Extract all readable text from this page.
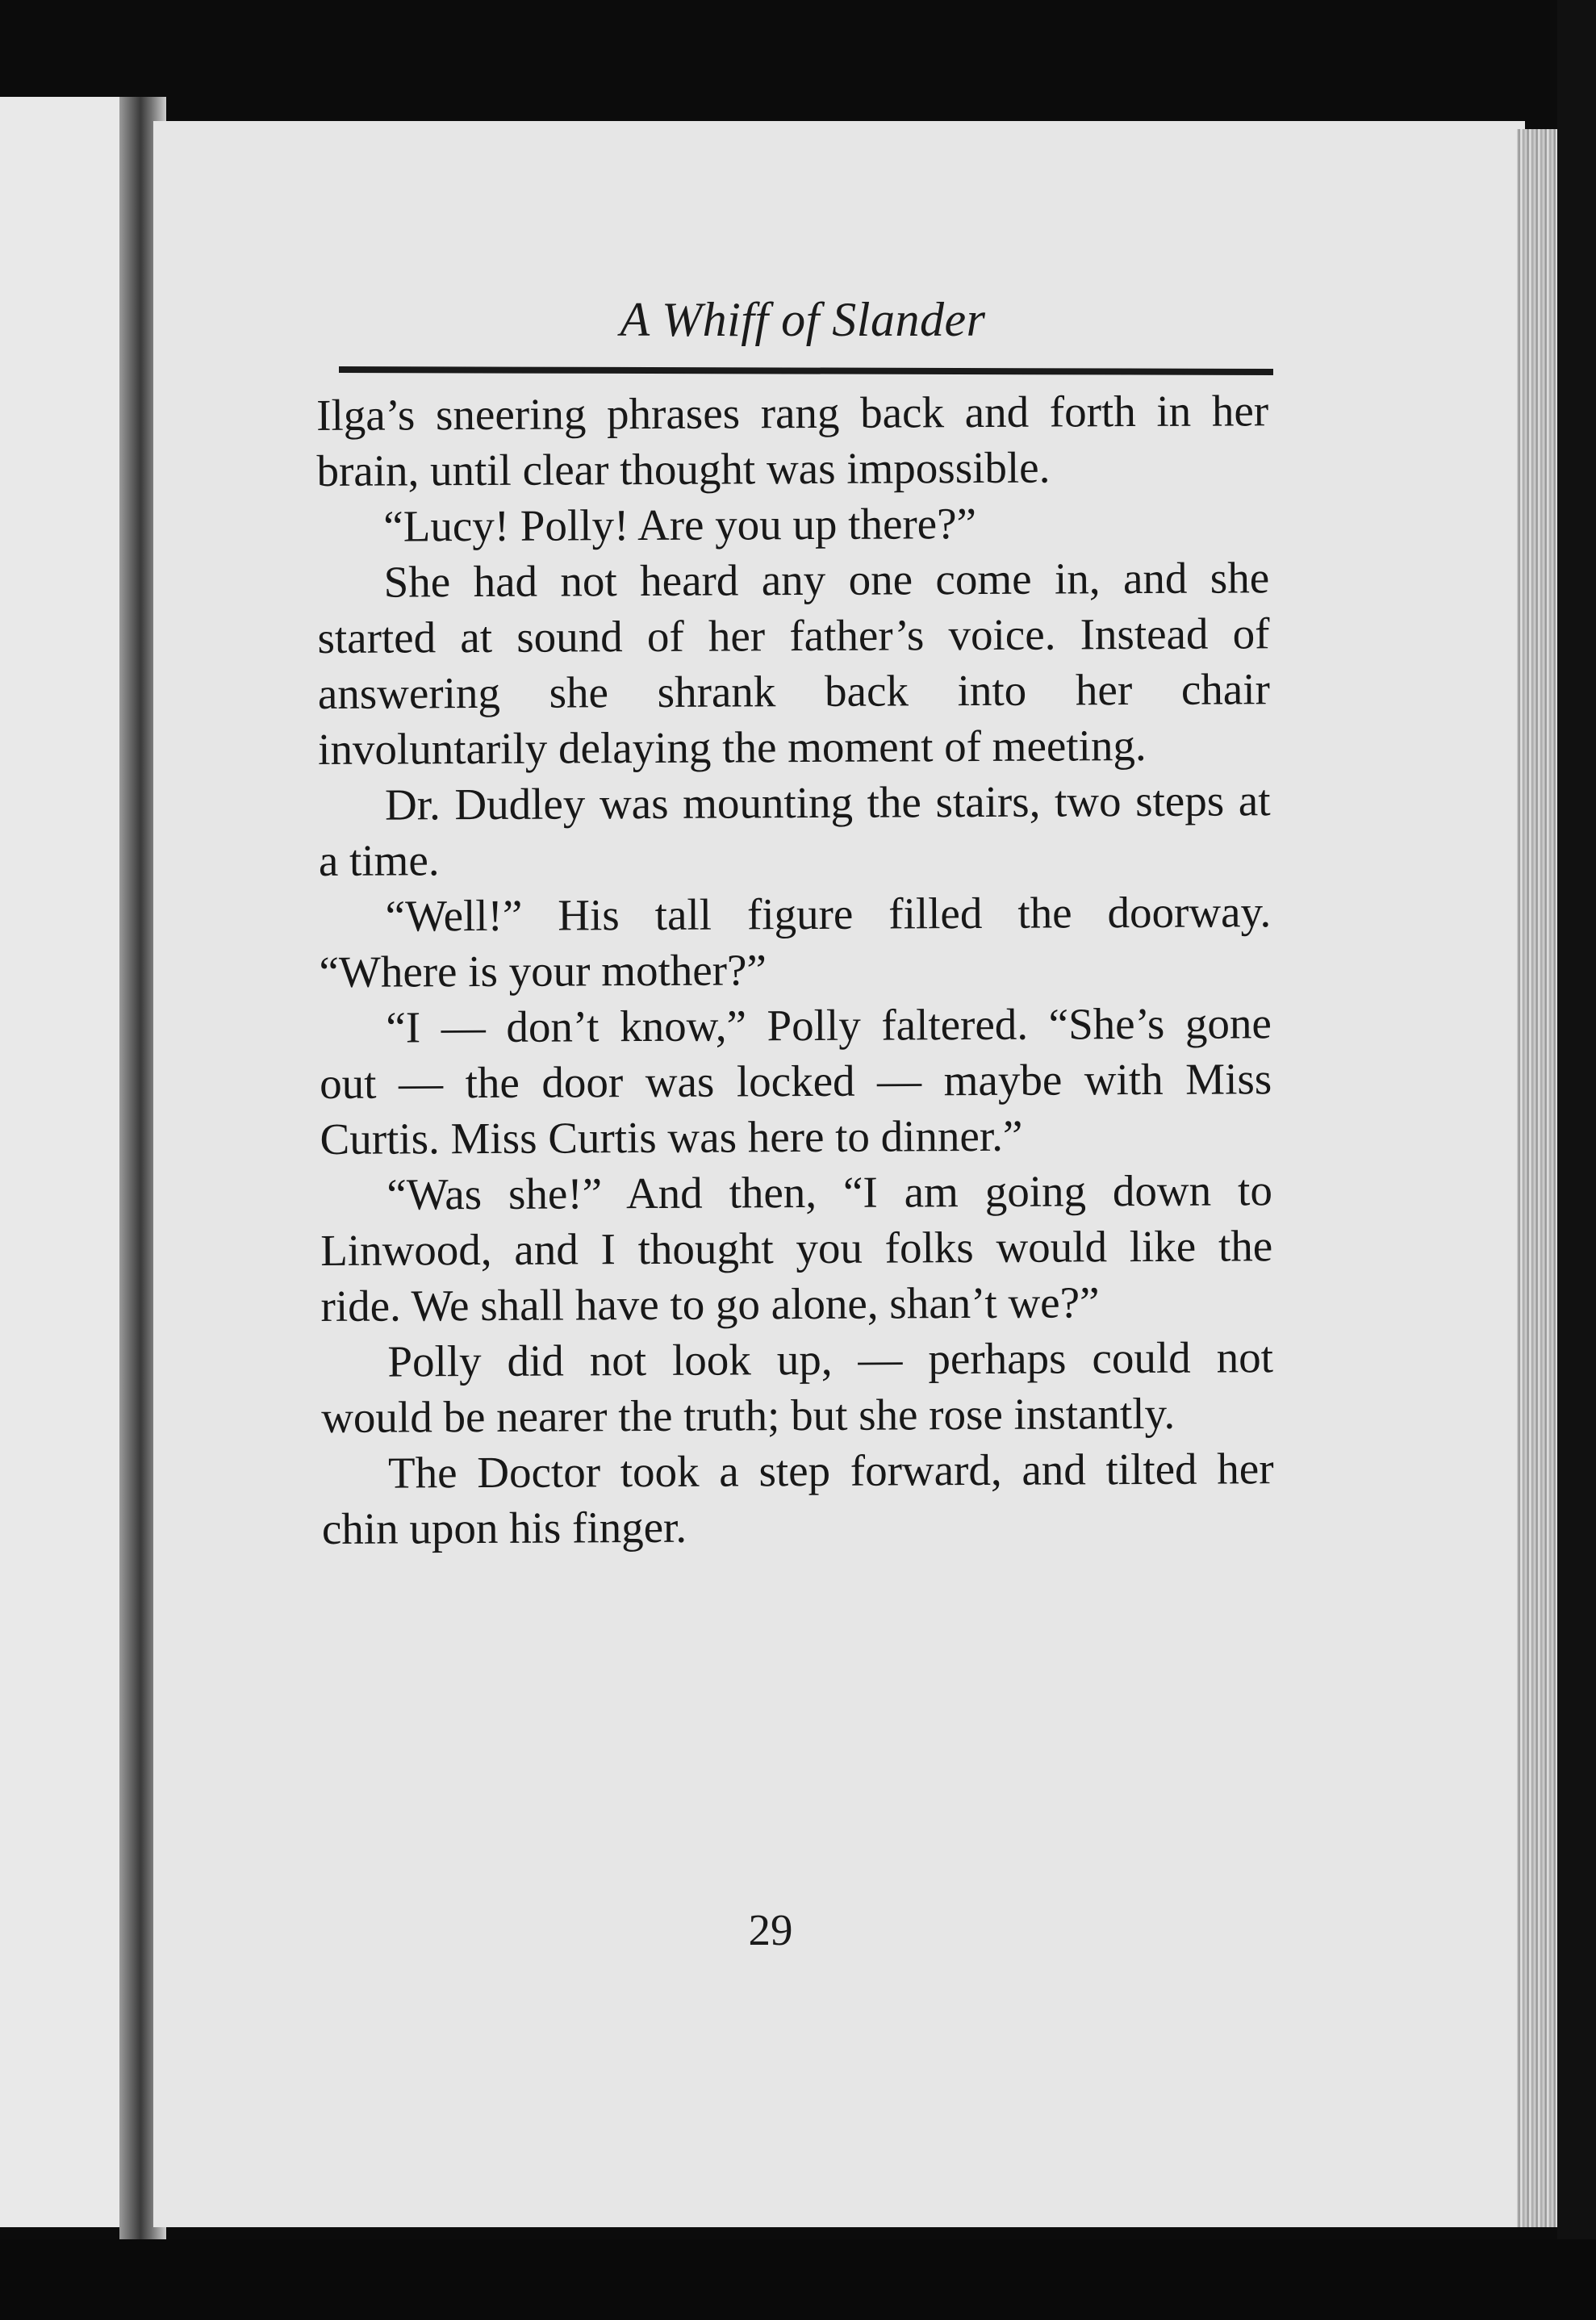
A Whiff of Slander

Ilga’s sneering phrases rang back and forth in her brain, until clear thought was impossible.

“Lucy! Polly! Are you up there?”

She had not heard any one come in, and she started at sound of her father’s voice. Instead of answering she shrank back into her chair involuntarily delaying the moment of meeting.

Dr. Dudley was mounting the stairs, two steps at a time.

“Well!” His tall figure filled the doorway. “Where is your mother?”

“I — don’t know,” Polly faltered. “She’s gone out — the door was locked — maybe with Miss Curtis. Miss Curtis was here to dinner.”

“Was she!” And then, “I am going down to Linwood, and I thought you folks would like the ride. We shall have to go alone, shan’t we?”

Polly did not look up, — perhaps could not would be nearer the truth; but she rose instantly.

The Doctor took a step forward, and tilted her chin upon his finger.

29
